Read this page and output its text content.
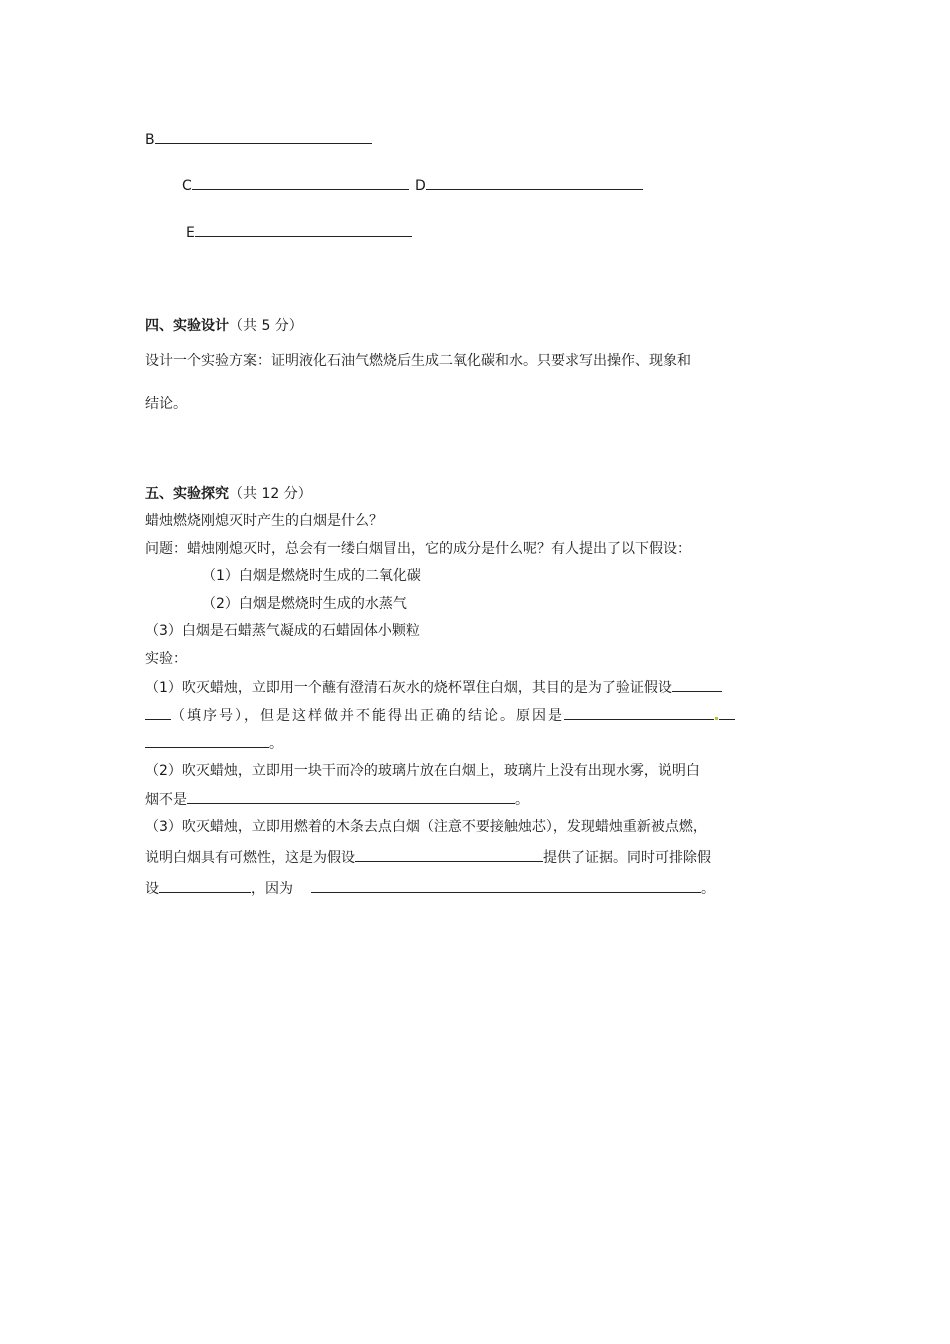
B
C	D
E
四、实验设计（共 5 分）
设计一个实验方案：证明液化石油气燃烧后生成二氧化碳和水。只要求写出操作、现象和
结论。
五、实验探究（共 12 分）
蜡烛燃烧刚熄灭时产生的白烟是什么？
问题：蜡烛刚熄灭时，总会有一缕白烟冒出，它的成分是什么呢？有人提出了以下假设：
（1）白烟是燃烧时生成的二氧化碳
（2）白烟是燃烧时生成的水蒸气
（3）白烟是石蜡蒸气凝成的石蜡固体小颗粒
实验：
（1）吹灭蜡烛，立即用一个蘸有澄清石灰水的烧杯罩住白烟，其目的是为了验证假设
（填序号），但是这样做并不能得出正确的结论。原因是
。
（2）吹灭蜡烛，立即用一块干而冷的玻璃片放在白烟上，玻璃片上没有出现水雾，说明白
烟不是	。
（3）吹灭蜡烛，立即用燃着的木条去点白烟（注意不要接触烛芯），发现蜡烛重新被点燃，
说明白烟具有可燃性，这是为假设	提供了证据。同时可排除假
设	，因为	。
